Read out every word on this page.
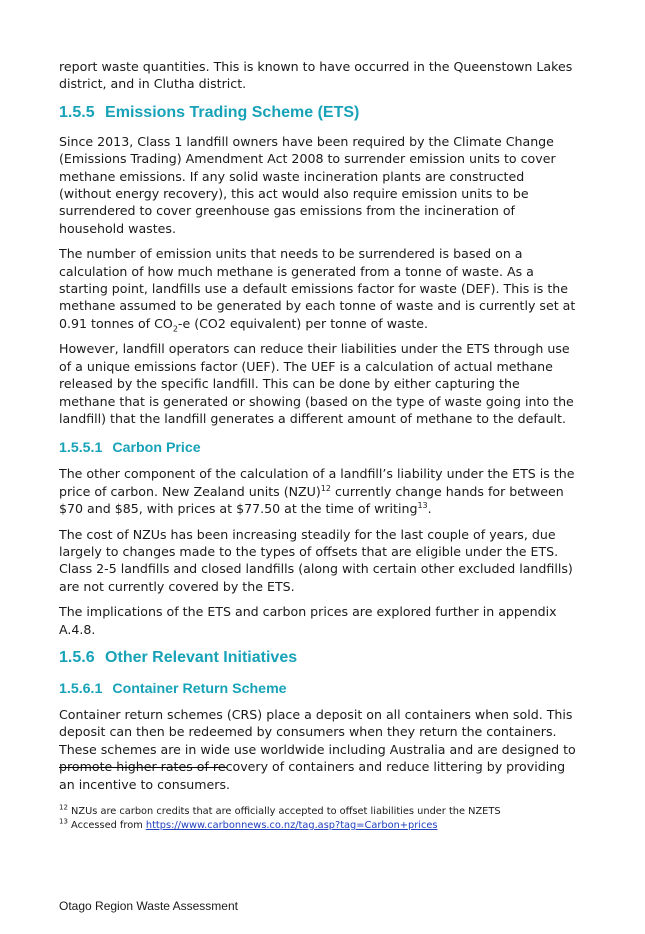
report waste quantities. This is known to have occurred in the Queenstown Lakes
district, and in Clutha district.

1.5.5 Emissions Trading Scheme (ETS)

Since 2013, Class 1 landfill owners have been required by the Climate Change (Emissions Trading) Amendment Act 2008 to surrender emission units to cover methane emissions. If any solid waste incineration plants are constructed (without energy recovery), this act would also require emission units to be surrendered to cover greenhouse gas emissions from the incineration of household wastes.

The number of emission units that needs to be surrendered is based on a calculation of how much methane is generated from a tonne of waste. As a starting point, landfills use a default emissions factor for waste (DEF). This is the methane assumed to be generated by each tonne of waste and is currently set at 0.91 tonnes of $CO_2-e$ (CO2 equivalent) per tonne of waste.

However, landfill operators can reduce their liabilities under the ETS through use of a unique emissions factor (UEF). The UEF is a calculation of actual methane released by the specific landfill. This can be done by either capturing the methane that is generated or showing (based on the type of waste going into the landfill) that the landfill generates a different amount of methane to the default.

1.5.5.1 Carbon Price

The other component of the calculation of a landfill’s liability under the ETS is the price of carbon. New Zealand units (NZU)$^{12}$ currently change hands for between $70 and $85, with prices at $77.50 at the time of writing$^{13}$.

The cost of NZUs has been increasing steadily for the last couple of years, due largely to changes made to the types of offsets that are eligible under the ETS. Class 2-5 landfills and closed landfills (along with certain other excluded landfills) are not currently covered by the ETS.

The implications of the ETS and carbon prices are explored further in appendix A.4.8.

1.5.6 Other Relevant Initiatives
1.5.6.1 Container Return Scheme

Container return schemes (CRS) place a deposit on all containers when sold. This deposit can then be redeemed by consumers when they return the containers. These schemes are in wide use worldwide including Australia and are designed to promote higher rates of recovery of containers and reduce littering by providing an incentive to consumers.

$^{12}$ NZUs are carbon credits that are officially accepted to offset liabilities under the NZETS
$^{13}$ Accessed from https://www.carbonnews.co.nz/tag.asp?tag=Carbon+prices
Otago Region Waste Assessment
